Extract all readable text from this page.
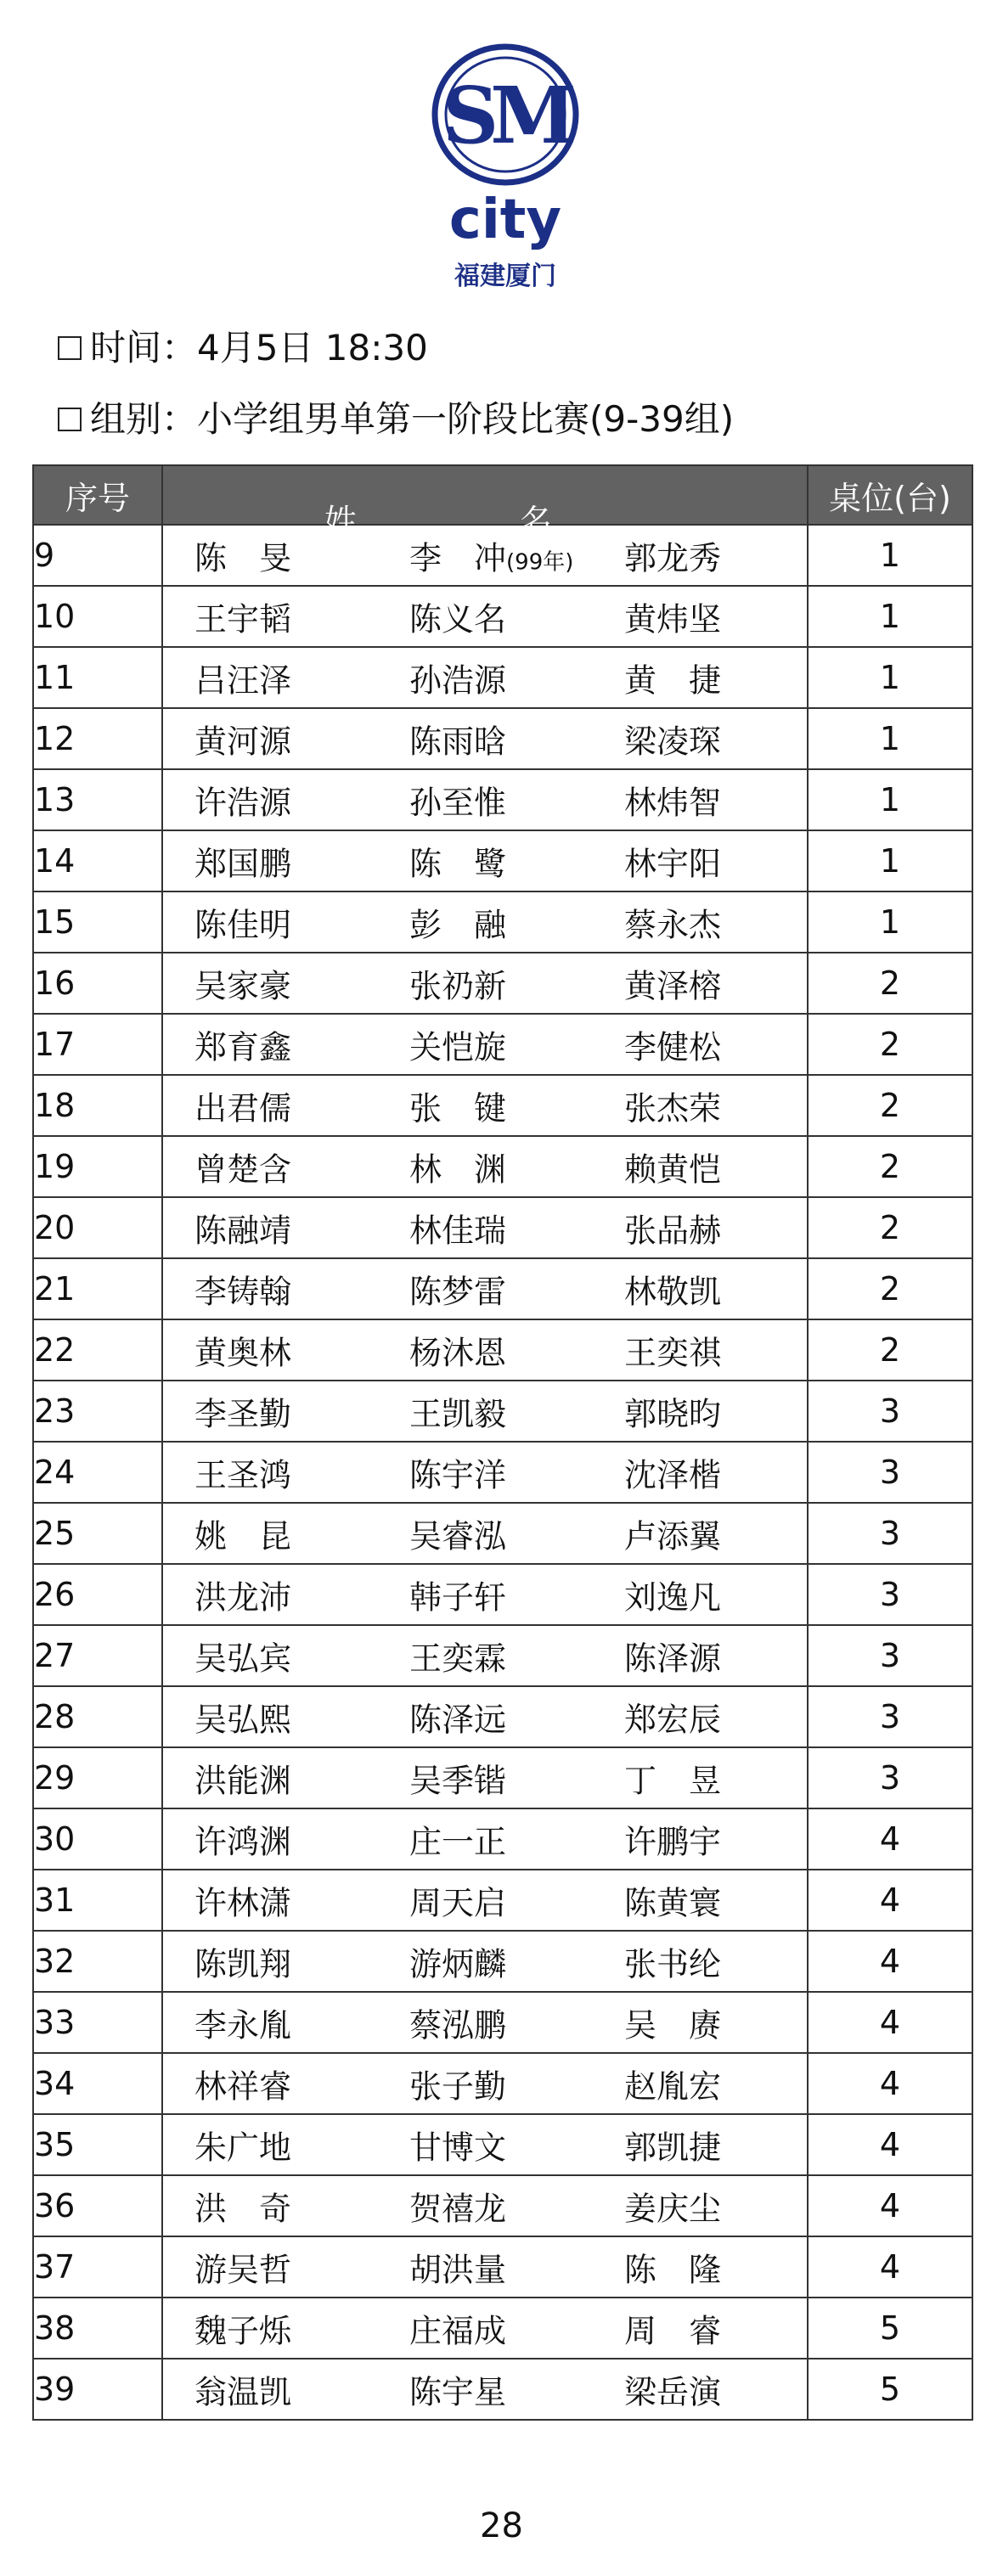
SM
city
福建厦门
时间：4月5日 18:30
组别：小学组男单第一阶段比赛(9-39组)
序号	姓 名	桌位(台)
9	陈　旻 李　冲(99年) 郭龙秀	1
10	王宇韬 陈义名 黄炜坚	1
11	吕汪泽 孙浩源 黄　捷	1
12	黄河源 陈雨晗 梁凌琛	1
13	许浩源 孙至惟 林炜智	1
14	郑国鹏 陈　鹭 林宇阳	1
15	陈佳明 彭　融 蔡永杰	1
16	吴家豪 张礽新 黄泽榕	2
17	郑育鑫 关恺旋 李健松	2
18	出君儒 张　键 张杰荣	2
19	曾楚含 林　渊 赖黄恺	2
20	陈融靖 林佳瑞 张品赫	2
21	李铸翰 陈梦雷 林敬凯	2
22	黄奥林 杨沐恩 王奕祺	2
23	李圣勤 王凯毅 郭晓昀	3
24	王圣鸿 陈宇洋 沈泽楷	3
25	姚　昆 吴睿泓 卢添翼	3
26	洪龙沛 韩子轩 刘逸凡	3
27	吴弘宾 王奕霖 陈泽源	3
28	吴弘熙 陈泽远 郑宏辰	3
29	洪能渊 吴季锴 丁　昱	3
30	许鸿渊 庄一正 许鹏宇	4
31	许林潇 周天启 陈黄寰	4
32	陈凯翔 游炳麟 张书纶	4
33	李永胤 蔡泓鹏 吴　赓	4
34	林祥睿 张子勤 赵胤宏	4
35	朱广地 甘博文 郭凯捷	4
36	洪　奇 贺禧龙 姜庆尘	4
37	游吴哲 胡洪量 陈　隆	4
38	魏子烁 庄福成 周　睿	5
39	翁温凯 陈宇星 梁岳演	5
28
